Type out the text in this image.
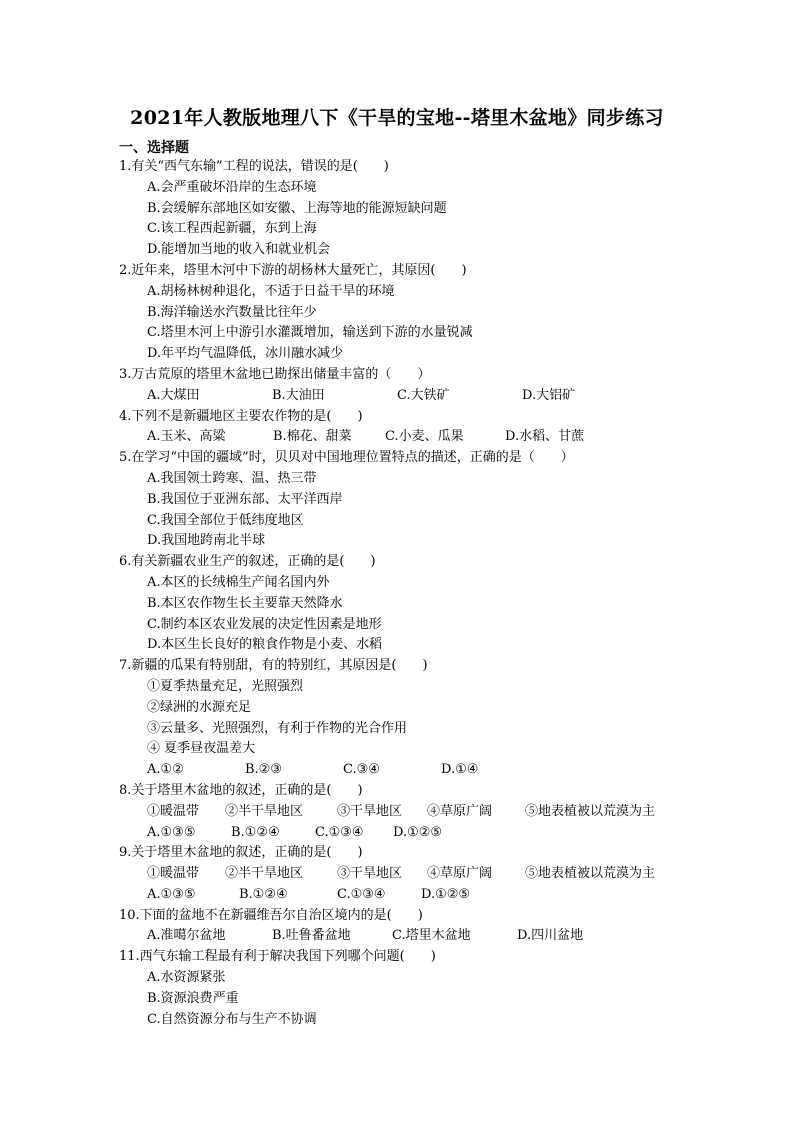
2021年人教版地理八下《干旱的宝地--塔里木盆地》同步练习
一、选择题
1.有关“西气东输”工程的说法，错误的是(　　)
A.会严重破坏沿岸的生态环境
B.会缓解东部地区如安徽、上海等地的能源短缺问题
C.该工程西起新疆，东到上海
D.能增加当地的收入和就业机会
2.近年来，塔里木河中下游的胡杨林大量死亡，其原因(　　)
A.胡杨林树种退化，不适于日益干旱的环境
B.海洋输送水汽数量比往年少
C.塔里木河上中游引水灌溉增加，输送到下游的水量锐减
D.年平均气温降低，冰川融水减少
3.万古荒原的塔里木盆地已勘探出储量丰富的（　　）
A.大煤田	B.大油田	C.大铁矿	D.大铝矿
4.下列不是新疆地区主要农作物的是(　　)
A.玉米、高粱	B.棉花、甜菜	C.小麦、瓜果	D.水稻、甘蔗
5.在学习“中国的疆域”时，贝贝对中国地理位置特点的描述，正确的是（　　）
A.我国领土跨寒、温、热三带
B.我国位于亚洲东部、太平洋西岸
C.我国全部位于低纬度地区
D.我国地跨南北半球
6.有关新疆农业生产的叙述，正确的是(　　)
A.本区的长绒棉生产闻名国内外
B.本区农作物生长主要靠天然降水
C.制约本区农业发展的决定性因素是地形
D.本区生长良好的粮食作物是小麦、水稻
7.新疆的瓜果有特别甜，有的特别红，其原因是(　　)
①夏季热量充足，光照强烈
②绿洲的水源充足
③云量多、光照强烈，有利于作物的光合作用
④ 夏季昼夜温差大
A.①②	B.②③	C.③④	D.①④
8.关于塔里木盆地的叙述，正确的是(　　)
①暖温带	②半干旱地区	③干旱地区	④草原广阔	⑤地表植被以荒漠为主
A.①③⑤	B.①②④	C.①③④	D.①②⑤
9.关于塔里木盆地的叙述，正确的是(　　)
①暖温带	②半干旱地区	③干旱地区	④草原广阔	⑤地表植被以荒漠为主
A.①③⑤	B.①②④	C.①③④	D.①②⑤
10.下面的盆地不在新疆维吾尔自治区境内的是(　　)
A.准噶尔盆地	B.吐鲁番盆地	C.塔里木盆地	D.四川盆地
11.西气东输工程最有利于解决我国下列哪个问题(　　)
A.水资源紧张
B.资源浪费严重
C.自然资源分布与生产不协调
